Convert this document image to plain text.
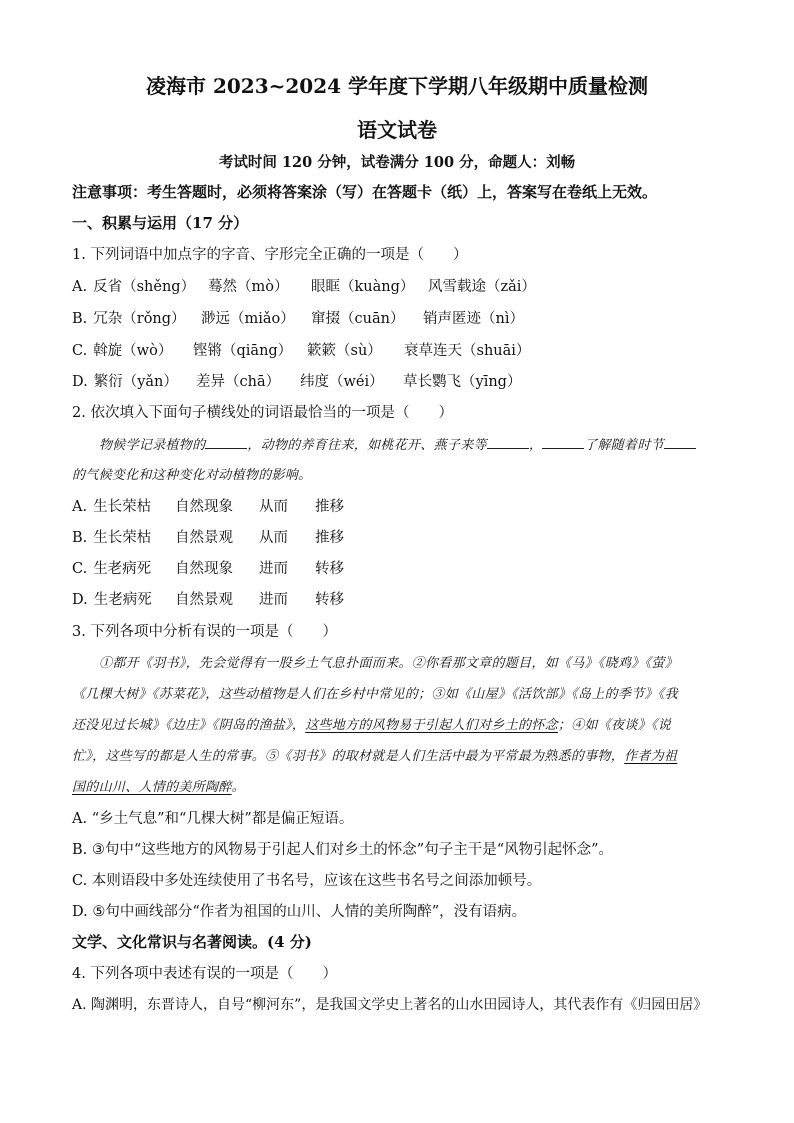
凌海市 2023~2024 学年度下学期八年级期中质量检测
语文试卷
考试时间 120 分钟，试卷满分 100 分，命题人：刘畅
注意事项：考生答题时，必须将答案涂（写）在答题卡（纸）上，答案写在卷纸上无效。
一、积累与运用（17 分）
1. 下列词语中加点字的字音、字形完全正确的一项是（　　）
A. 反省（shěng） 蓦然（mò） 眼眶（kuàng） 风雪载途（zǎi）
B. 冗杂（rǒng） 渺远（miǎo） 窜掇（cuān） 销声匿迹（nì）
C. 斡旋（wò） 铿锵（qiāng） 簌簌（sù） 衰草连天（shuāi）
D. 繁衍（yǎn） 差异（chā） 纬度（wéi） 草长鹦飞（yīng）
2. 依次填入下面句子横线处的词语最恰当的一项是（　　）
物候学记录植物的	，动物的养育往来，如桃花开、燕子来等	，	了解随着时节
的气候变化和这种变化对动植物的影响。
A. 生长荣枯 自然现象 从而 推移
B. 生长荣枯 自然景观 从而 推移
C. 生老病死 自然现象 进而 转移
D. 生老病死 自然景观 进而 转移
3. 下列各项中分析有误的一项是（　　）
①都开《羽书》，先会觉得有一股乡土气息扑面而来。②你看那文章的题目，如《马》《晓鸡》《萤》
《几棵大树》《苏菜花》，这些动植物是人们在乡村中常见的；③如《山屋》《活饮部》《岛上的季节》《我
还没见过长城》《边庄》《阴岛的渔盐》，这些地方的风物易于引起人们对乡土的怀念；④如《夜谈》《说
忙》，这些写的都是人生的常事。⑤《羽书》的取材就是人们生活中最为平常最为熟悉的事物，作者为祖
国的山川、人情的美所陶醉。
A. “乡土气息”和“几棵大树”都是偏正短语。
B. ③句中“这些地方的风物易于引起人们对乡土的怀念”句子主干是“风物引起怀念”。
C. 本则语段中多处连续使用了书名号，应该在这些书名号之间添加顿号。
D. ⑤句中画线部分“作者为祖国的山川、人情的美所陶醉”，没有语病。
文学、文化常识与名著阅读。(4 分)
4. 下列各项中表述有误的一项是（　　）
A. 陶渊明，东晋诗人，自号“柳河东”，是我国文学史上著名的山水田园诗人，其代表作有《归园田居》
